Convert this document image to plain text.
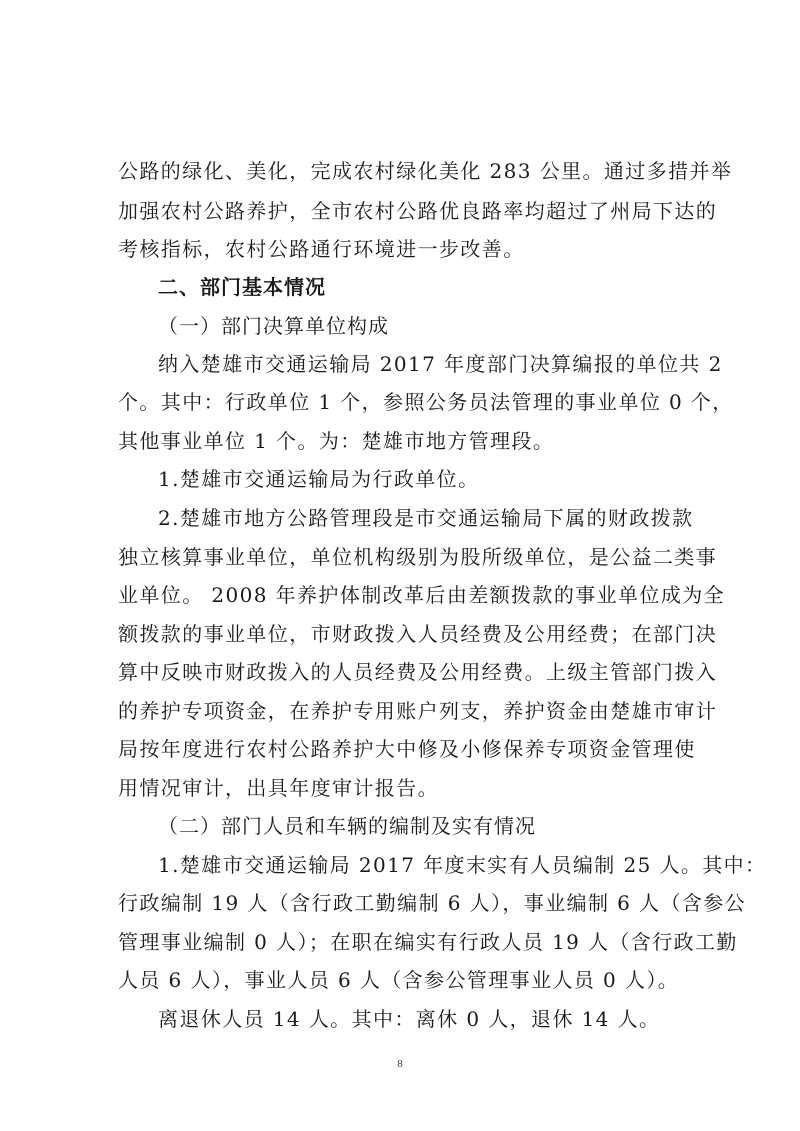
公路的绿化、美化，完成农村绿化美化 283 公里。通过多措并举
加强农村公路养护，全市农村公路优良路率均超过了州局下达的
考核指标，农村公路通行环境进一步改善。
二、部门基本情况
（一）部门决算单位构成
纳入楚雄市交通运输局 2017 年度部门决算编报的单位共 2
个。其中：行政单位 1 个，参照公务员法管理的事业单位 0 个，
其他事业单位 1 个。为：楚雄市地方管理段。
1.楚雄市交通运输局为行政单位。
2.楚雄市地方公路管理段是市交通运输局下属的财政拨款
独立核算事业单位，单位机构级别为股所级单位，是公益二类事
业单位。 2008 年养护体制改革后由差额拨款的事业单位成为全
额拨款的事业单位，市财政拨入人员经费及公用经费；在部门决
算中反映市财政拨入的人员经费及公用经费。上级主管部门拨入
的养护专项资金，在养护专用账户列支，养护资金由楚雄市审计
局按年度进行农村公路养护大中修及小修保养专项资金管理使
用情况审计，出具年度审计报告。
（二）部门人员和车辆的编制及实有情况
1.楚雄市交通运输局 2017 年度末实有人员编制 25 人。其中：
行政编制 19 人（含行政工勤编制 6 人），事业编制 6 人（含参公
管理事业编制 0 人）；在职在编实有行政人员 19 人（含行政工勤
人员 6 人），事业人员 6 人（含参公管理事业人员 0 人）。
离退休人员 14 人。其中：离休 0 人，退休 14 人。
8
